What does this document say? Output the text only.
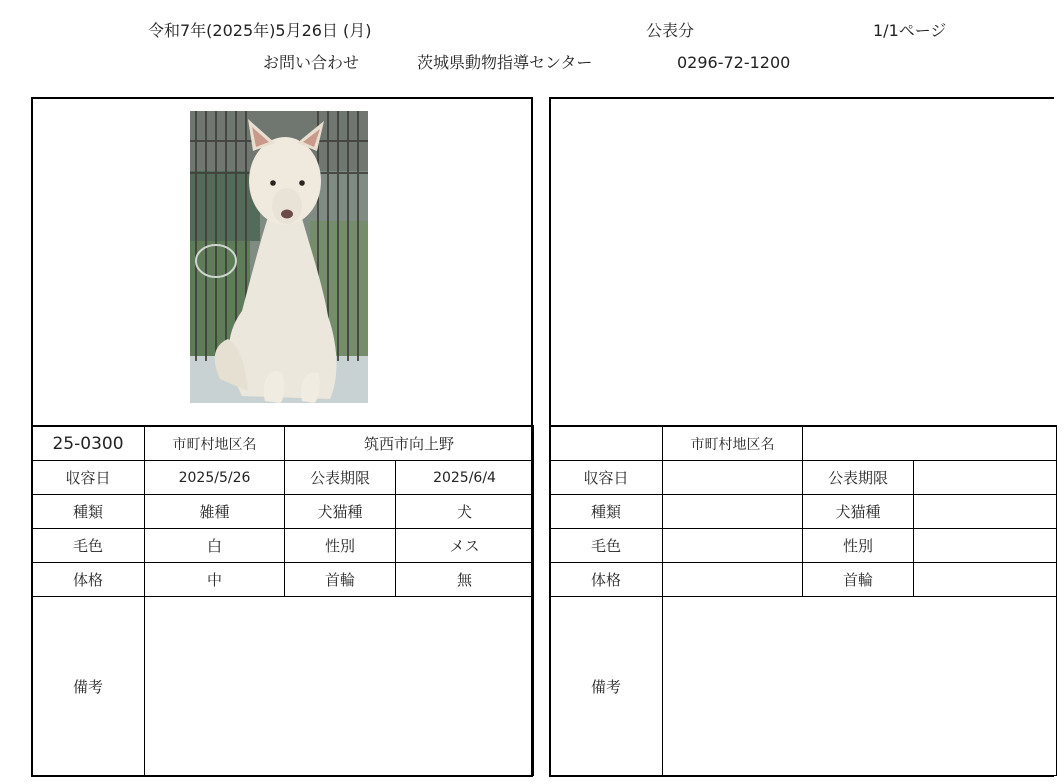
令和7年(2025年)5月26日 (月)	公表分	1/1ページ
お問い合わせ	茨城県動物指導センター	0296-72-1200
25-0300	市町村地区名	筑西市向上野	
収容日	2025/5/26	公表期限	2025/6/4
種類	雑種	犬猫種	犬
毛色	白	性別	メス
体格	中	首輪	無
備考			
	市町村地区名		
収容日		公表期限	
種類		犬猫種	
毛色		性別	
体格		首輪	
備考			
